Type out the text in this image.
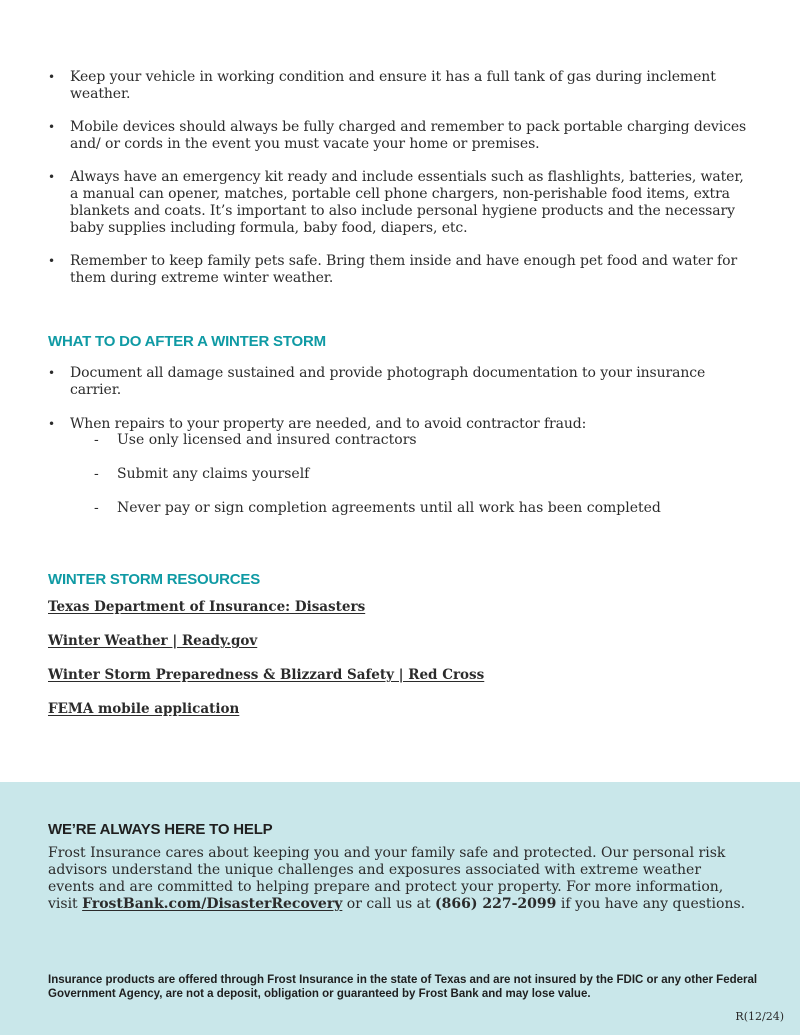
• Keep your vehicle in working condition and ensure it has a full tank of gas during inclement weather.
• Mobile devices should always be fully charged and remember to pack portable charging devices and/ or cords in the event you must vacate your home or premises.
• Always have an emergency kit ready and include essentials such as flashlights, batteries, water, a manual can opener, matches, portable cell phone chargers, non-perishable food items, extra blankets and coats. It’s important to also include personal hygiene products and the necessary baby supplies including formula, baby food, diapers, etc.
• Remember to keep family pets safe. Bring them inside and have enough pet food and water for them during extreme winter weather.
WHAT TO DO AFTER A WINTER STORM
• Document all damage sustained and provide photograph documentation to your insurance carrier.
• When repairs to your property are needed, and to avoid contractor fraud:
- Use only licensed and insured contractors
- Submit any claims yourself
- Never pay or sign completion agreements until all work has been completed
WINTER STORM RESOURCES
Texas Department of Insurance: Disasters
Winter Weather | Ready.gov
Winter Storm Preparedness & Blizzard Safety | Red Cross
FEMA mobile application
WE’RE ALWAYS HERE TO HELP
Frost Insurance cares about keeping you and your family safe and protected. Our personal risk advisors understand the unique challenges and exposures associated with extreme weather events and are committed to helping prepare and protect your property. For more information, visit FrostBank.com/DisasterRecovery or call us at (866) 227-2099 if you have any questions.
Insurance products are offered through Frost Insurance in the state of Texas and are not insured by the FDIC or any other Federal Government Agency, are not a deposit, obligation or guaranteed by Frost Bank and may lose value.
R(12/24)
